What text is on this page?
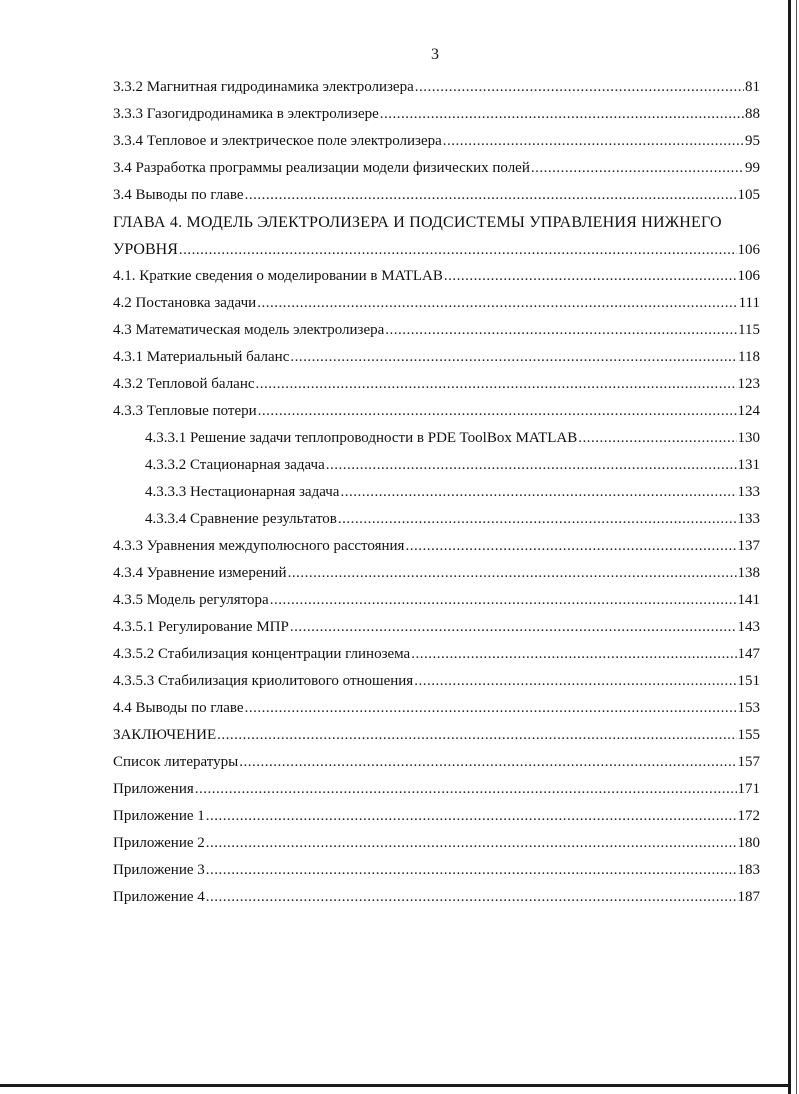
3
3.3.2 Магнитная гидродинамика электролизера .....	81
3.3.3 Газогидродинамика в электролизере .....	88
3.3.4 Тепловое и электрическое поле электролизера .....	95
3.4 Разработка программы реализации модели физических полей .....	99
3.4 Выводы по главе .....	105
ГЛАВА 4. МОДЕЛЬ ЭЛЕКТРОЛИЗЕРА И ПОДСИСТЕМЫ УПРАВЛЕНИЯ НИЖНЕГО
УРОВНЯ .....	106
4.1. Краткие сведения о моделировании в MATLAB .....	106
4.2 Постановка задачи .....	111
4.3 Математическая модель электролизера .....	115
4.3.1 Материальный баланс .....	118
4.3.2 Тепловой баланс .....	123
4.3.3 Тепловые потери .....	124
4.3.3.1 Решение задачи теплопроводности в PDE ToolBox MATLAB .....	130
4.3.3.2 Стационарная задача .....	131
4.3.3.3 Нестационарная задача .....	133
4.3.3.4 Сравнение результатов .....	133
4.3.3 Уравнения междуполюсного расстояния .....	137
4.3.4 Уравнение измерений .....	138
4.3.5 Модель регулятора .....	141
4.3.5.1 Регулирование МПР .....	143
4.3.5.2 Стабилизация концентрации глинозема .....	147
4.3.5.3 Стабилизация криолитового отношения .....	151
4.4 Выводы по главе .....	153
ЗАКЛЮЧЕНИЕ .....	155
Список литературы .....	157
Приложения .....	171
Приложение 1 .....	172
Приложение 2 .....	180
Приложение 3 .....	183
Приложение 4 .....	187
